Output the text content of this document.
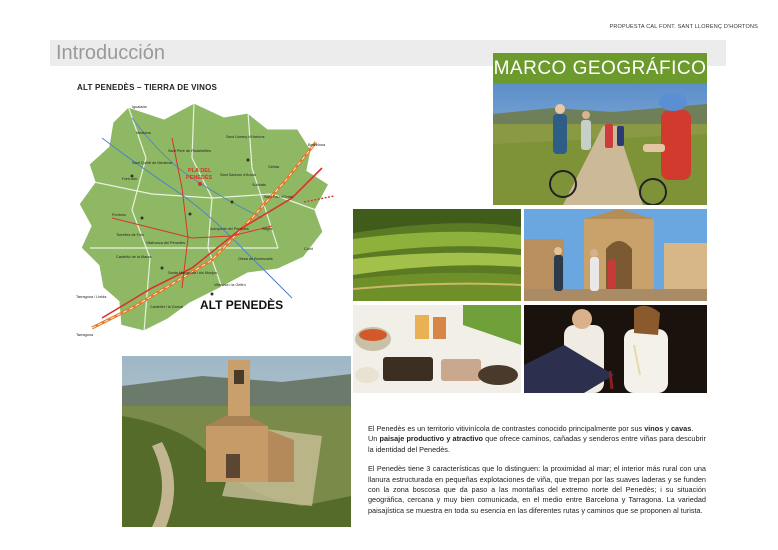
PROPUESTA CAL FONT. SANT LLORENÇ D'HORTONS
Introducción
MARCO GEOGRÁFICO
ALT PENEDÈS – TIERRA DE VINOS
PLA DEL
PENEDÈS
ALT PENEDÈS
Igualada
Mediona
Sant Llorenç d'Hortons
Sant Pere de Riudebitlles
Sant Sadurní d'Anoia
Sant Quintí de Mediona
Font-rubí
Vilafranca del Penedès
Pontons
Torrelles de Foix
Santa Margarida i els Monjos
Castellet i la Gornal
Olesa de Bonesvalls
Avinyonet del Penedès
Barcelona
Sant Pau d'Ordal
Gelida
Subirats
Castellví de la Marca
Cunit
Vilanova i la Geltrú
Sitges
Tarragona
Tarragona / Lleida

El Penedès es un territorio vitivinícola de contrastes conocido principalmente por sus vinos y cavas.
Un paisaje productivo y atractivo que ofrece caminos, cañadas y senderos entre viñas para descubrir la identidad del Penedès.

El Penedès tiene 3 características que lo distinguen: la proximidad al mar; el interior más rural con una llanura estructurada en pequeñas explotaciones de viña, que trepan por las suaves laderas y se funden con la zona boscosa que da paso a las montañas del extremo norte del Penedès; i su situación geográfica, cercana y muy bien comunicada, en el medio entre Barcelona y Tarragona. La variedad paisajística se muestra en toda su esencia en las diferentes rutas y caminos que se proponen al turista.
